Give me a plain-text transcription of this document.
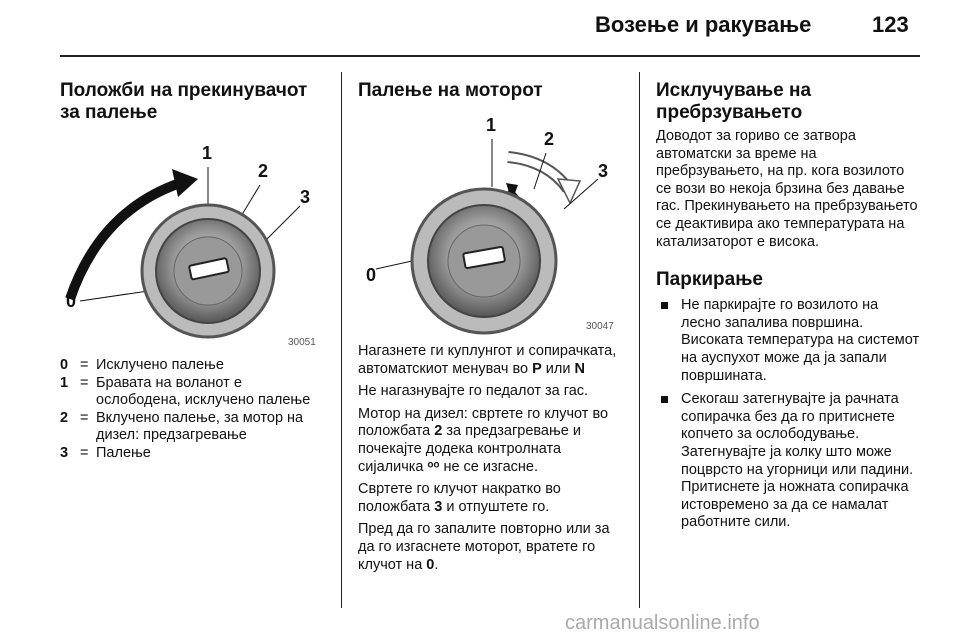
Возење и ракување	123
Положби на прекинувачот за палење
0
1
2
3
30051
0 = Исклучено палење
1 = Бравата на воланот е ослободена, исклучено палење
2 = Вклучено палење, за мотор на дизел: предзагревање
3 = Палење
Палење на моторот
0
1
2
3
30047

Нагазнете ги куплунгот и сопирачката, автоматскиот менувач во P или N

Не нагазнувајте го педалот за гас.

Мотор на дизел: свртете го клучот во положбата 2 за предзагревање и почекајте додека контролната сијаличка ᵒᵒ не се изгасне.

Свртете го клучот накратко во положбата 3 и отпуштете го.

Пред да го запалите повторно или за да го изгаснете моторот, вратете го клучот на 0.

Исклучување на пребрзувањето

Доводот за гориво се затвора автоматски за време на пребрзувањето, на пр. кога возилото се вози во некоја брзина без давање гас. Прекинувањето на пребрзувањето се деактивира ако температурата на катализаторот е висока.

Паркирање
Не паркирајте го возилото на лесно запалива површина. Високата температура на системот на ауспухот може да ја запали површината.
Секогаш затегнувајте ја рачната сопирачка без да го притиснете копчето за ослободување. Затегнувајте ја колку што може поцврсто на угорници или падини. Притиснете ја ножната сопирачка истовремено за да се намалат работните сили.
carmanualsonline.info
